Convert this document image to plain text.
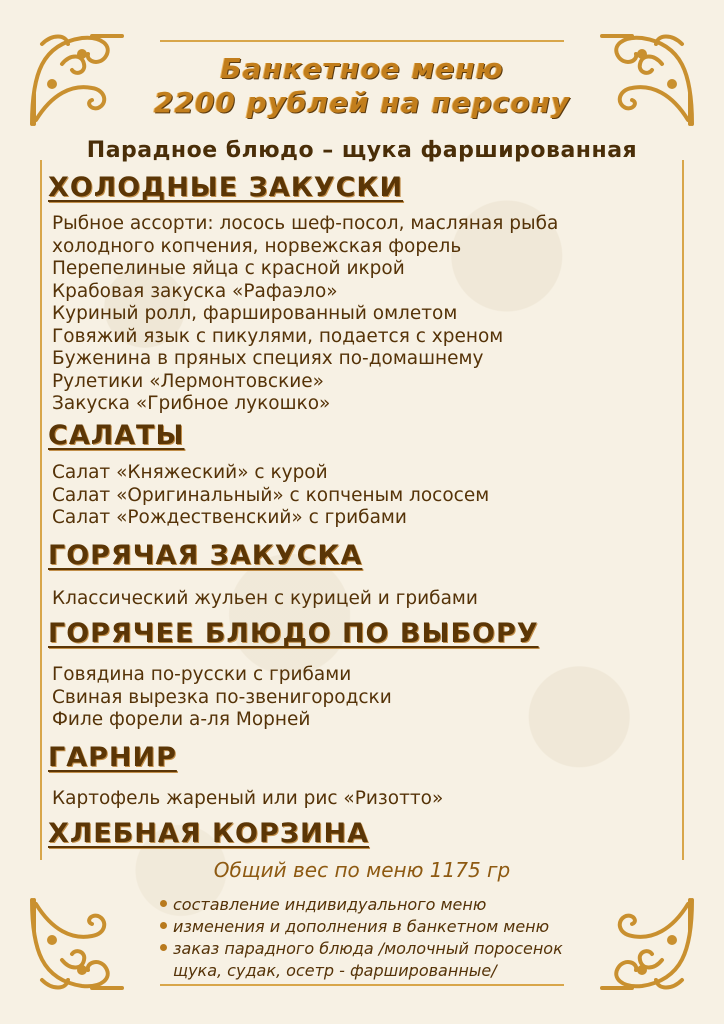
Банкетное меню
2200 рублей на персону
Парадное блюдо – щука фаршированная
ХОЛОДНЫЕ ЗАКУСКИ
Рыбное ассорти: лосось шеф-посол, масляная рыба
холодного копчения, норвежская форель
Перепелиные яйца с красной икрой
Крабовая закуска «Рафаэло»
Куриный ролл, фаршированный омлетом
Говяжий язык с пикулями, подается с хреном
Буженина в пряных специях по-домашнему
Рулетики «Лермонтовские»
Закуска «Грибное лукошко»
САЛАТЫ
Салат «Княжеский» с курой
Салат «Оригинальный» с копченым лососем
Салат «Рождественский» с грибами
ГОРЯЧАЯ ЗАКУСКА
Классический жульен с курицей и грибами
ГОРЯЧЕЕ БЛЮДО ПО ВЫБОРУ
Говядина по-русски с грибами
Свиная вырезка по-звенигородски
Филе форели а-ля Морней
ГАРНИР
Картофель жареный или рис «Ризотто»
ХЛЕБНАЯ КОРЗИНА
Общий вес по меню 1175 гр
составление индивидуального меню
изменения и дополнения в банкетном меню
заказ парадного блюда /молочный поросенок
щука, судак, осетр - фаршированные/
